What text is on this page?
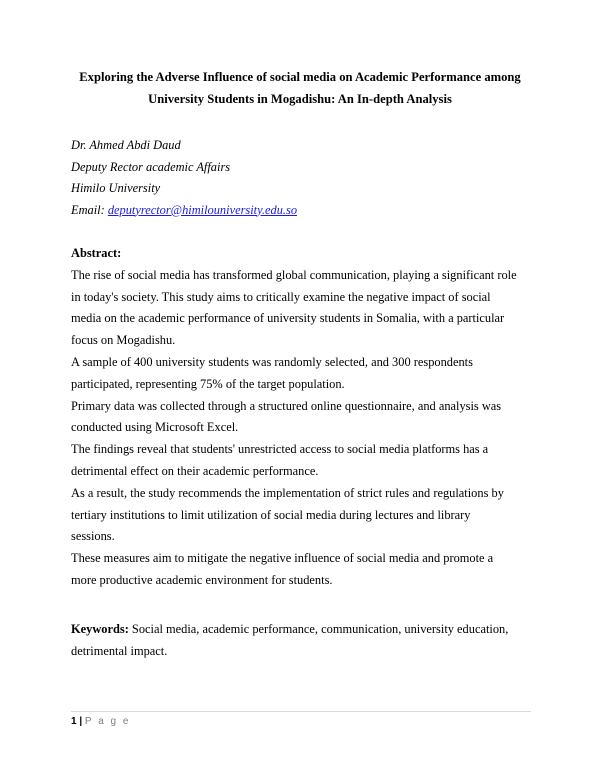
Exploring the Adverse Influence of social media on Academic Performance among
University Students in Mogadishu: An In-depth Analysis
Dr. Ahmed Abdi Daud
Deputy Rector academic Affairs
Himilo University
Email: deputyrector@himilouniversity.edu.so
Abstract:

The rise of social media has transformed global communication, playing a significant role
in today's society. This study aims to critically examine the negative impact of social
media on the academic performance of university students in Somalia, with a particular
focus on Mogadishu.

A sample of 400 university students was randomly selected, and 300 respondents
participated, representing 75% of the target population.

Primary data was collected through a structured online questionnaire, and analysis was
conducted using Microsoft Excel.

The findings reveal that students' unrestricted access to social media platforms has a
detrimental effect on their academic performance.

As a result, the study recommends the implementation of strict rules and regulations by
tertiary institutions to limit utilization of social media during lectures and library
sessions.

These measures aim to mitigate the negative influence of social media and promote a
more productive academic environment for students.

Keywords: Social media, academic performance, communication, university education,
detrimental impact.
1 | P a g e
